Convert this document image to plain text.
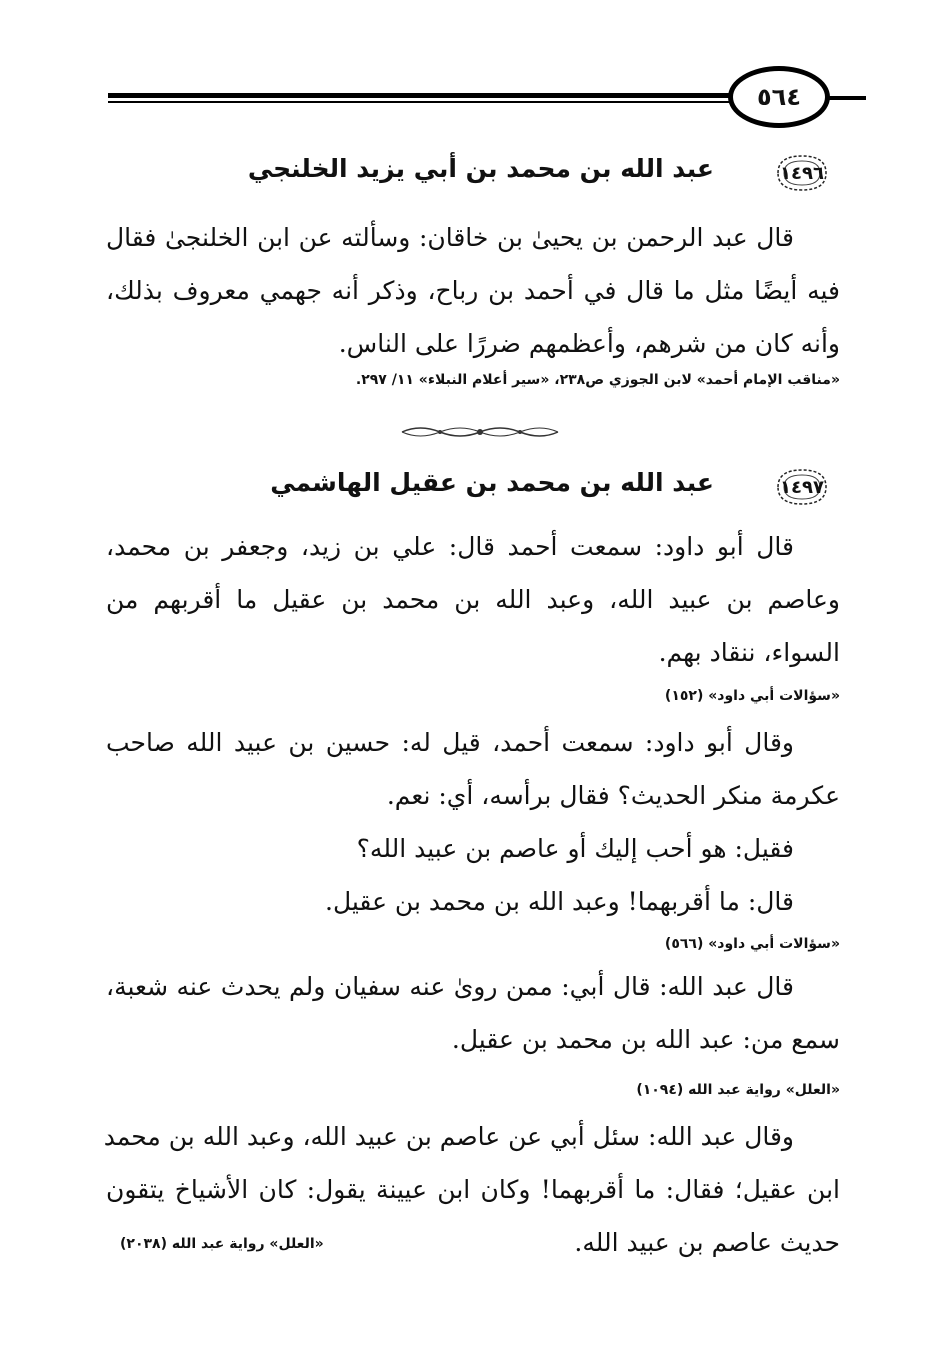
٥٦٤
١٤٩٦
عبد الله بن محمد بن أبي يزيد الخلنجي
قال عبد الرحمن بن يحيىٰ بن خاقان: وسألته عن ابن الخلنجىٰ فقال
فيه أيضًا مثل ما قال في أحمد بن رباح، وذكر أنه جهمي معروف بذلك،
وأنه كان من شرهم، وأعظمهم ضررًا على الناس.
«مناقب الإمام أحمد» لابن الجوزي ص٢٣٨، «سير أعلام النبلاء» ١١/ ٢٩٧.
١٤٩٧
عبد الله بن محمد بن عقيل الهاشمي
قال أبو داود: سمعت أحمد قال: علي بن زيد، وجعفر بن محمد،
وعاصم بن عبيد الله، وعبد الله بن محمد بن عقيل ما أقربهم من
السواء، ننقاد بهم.
«سؤالات أبي داود» (١٥٢)
وقال أبو داود: سمعت أحمد، قيل له: حسين بن عبيد الله صاحب
عكرمة منكر الحديث؟ فقال برأسه، أي: نعم.
فقيل: هو أحب إليك أو عاصم بن عبيد الله؟
قال: ما أقربهما! وعبد الله بن محمد بن عقيل.
«سؤالات أبي داود» (٥٦٦)
قال عبد الله: قال أبي: ممن روىٰ عنه سفيان ولم يحدث عنه شعبة،
سمع من: عبد الله بن محمد بن عقيل.
«العلل» رواية عبد الله (١٠٩٤)
وقال عبد الله: سئل أبي عن عاصم بن عبيد الله، وعبد الله بن محمد
ابن عقيل؛ فقال: ما أقربهما! وكان ابن عيينة يقول: كان الأشياخ يتقون
حديث عاصم بن عبيد الله.
«العلل» رواية عبد الله (٢٠٣٨)
